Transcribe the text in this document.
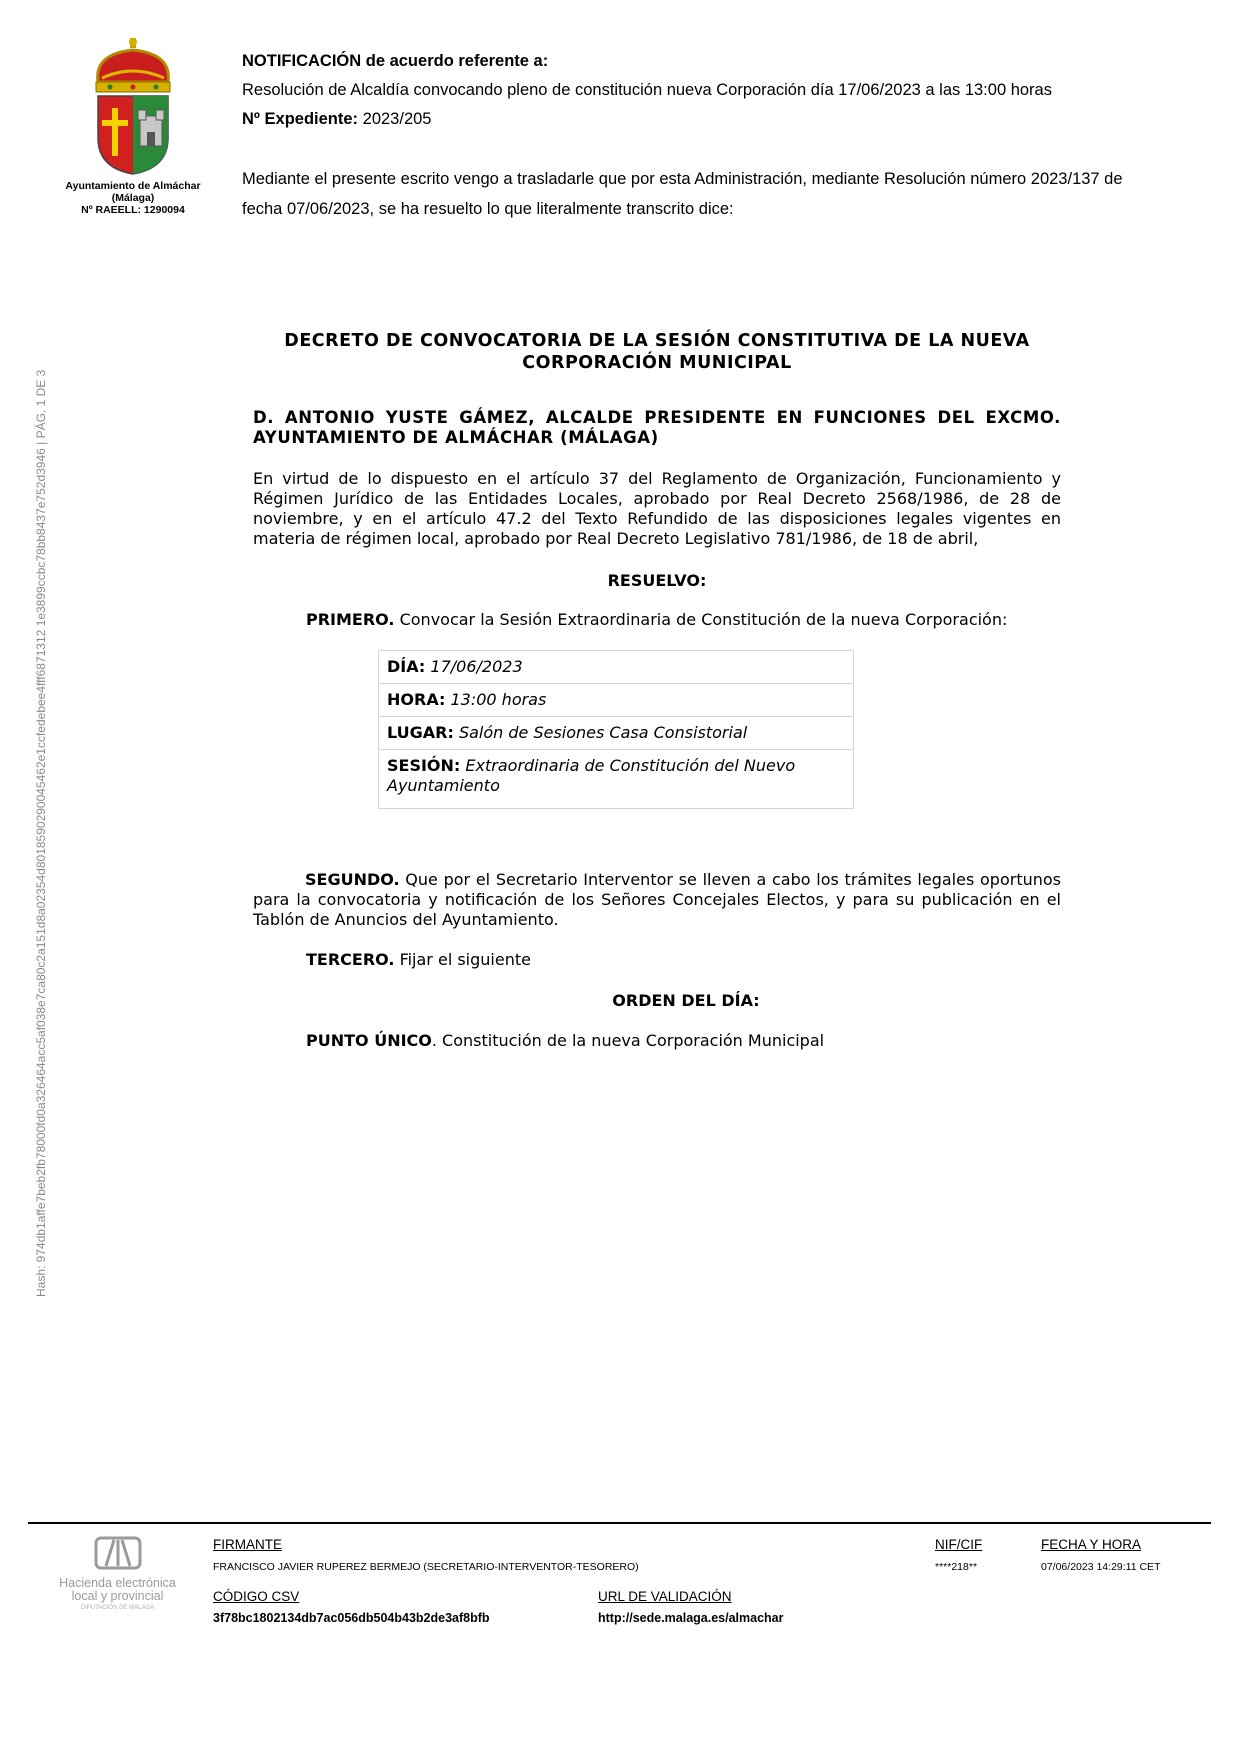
Ayuntamiento de Almáchar
(Málaga)
Nº RAEELL: 1290094
NOTIFICACIÓN de acuerdo referente a:
Resolución de Alcaldía convocando pleno de constitución nueva Corporación día 17/06/2023 a las 13:00 horas
Nº Expediente: 2023/205
Mediante el presente escrito vengo a trasladarle que por esta Administración, mediante Resolución número 2023/137 de
fecha 07/06/2023, se ha resuelto lo que literalmente transcrito dice:
Hash: 974db1affe7beb2fb78000fd0a326464acc5af038e7ca80c2a151d8a02354d8018590290045462e1ccfedebee4fff6871312 1e3899ccbc78bb8437e752d3946 | PÁG. 1 DE 3
DECRETO DE CONVOCATORIA DE LA SESIÓN CONSTITUTIVA DE LA NUEVA
CORPORACIÓN MUNICIPAL
D. ANTONIO YUSTE GÁMEZ, ALCALDE PRESIDENTE EN FUNCIONES DEL EXCMO. AYUNTAMIENTO DE ALMÁCHAR (MÁLAGA)
En virtud de lo dispuesto en el artículo 37 del Reglamento de Organización, Funcionamiento y Régimen Jurídico de las Entidades Locales, aprobado por Real Decreto 2568/1986, de 28 de noviembre, y en el artículo 47.2 del Texto Refundido de las disposiciones legales vigentes en materia de régimen local, aprobado por Real Decreto Legislativo 781/1986, de 18 de abril,
RESUELVO:
PRIMERO. Convocar la Sesión Extraordinaria de Constitución de la nueva Corporación:
DÍA: 17/06/2023
HORA: 13:00 horas
LUGAR: Salón de Sesiones Casa Consistorial
SESIÓN: Extraordinaria de Constitución del Nuevo Ayuntamiento
SEGUNDO. Que por el Secretario Interventor se lleven a cabo los trámites legales oportunos para la convocatoria y notificación de los Señores Concejales Electos, y para su publicación en el Tablón de Anuncios del Ayuntamiento.
TERCERO. Fijar el siguiente
ORDEN DEL DÍA:
PUNTO ÚNICO. Constitución de la nueva Corporación Municipal
Hacienda electrónica
local y provincial
DIPUTACIÓN DE MÁLAGA
FIRMANTE
FRANCISCO JAVIER RUPEREZ BERMEJO (SECRETARIO-INTERVENTOR-TESORERO)
NIF/CIF
****218**
FECHA Y HORA
07/06/2023 14:29:11 CET
CÓDIGO CSV
3f78bc1802134db7ac056db504b43b2de3af8bfb
URL DE VALIDACIÓN
http://sede.malaga.es/almachar
